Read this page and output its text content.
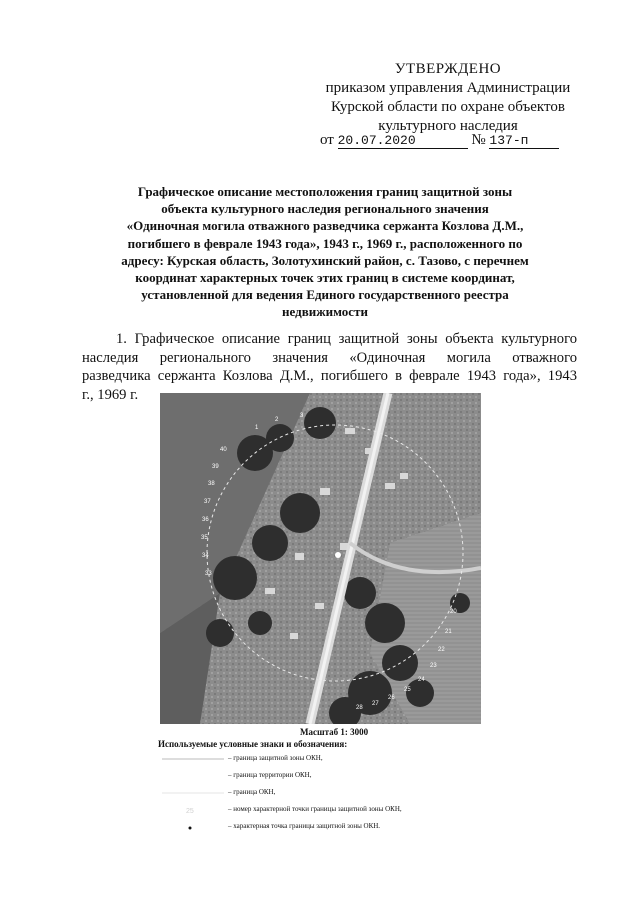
УТВЕРЖДЕНО
приказом управления Администрации
Курской области по охране объектов
культурного наследия
от 20.07.2020	№ 137-п
Графическое описание местоположения границ защитной зоны
объекта культурного наследия регионального значения
«Одиночная могила отважного разведчика сержанта Козлова Д.М.,
погибшего в феврале 1943 года», 1943 г., 1969 г., расположенного по
адресу: Курская область, Золотухинский район, с. Тазово, с перечнем
координат характерных точек этих границ в системе координат,
установленной для ведения Единого государственного реестра
недвижимости
1. Графическое описание границ защитной зоны объекта культурного
наследия регионального значения «Одиночная могила отважного
разведчика сержанта Козлова Д.М., погибшего в феврале 1943 года», 1943
г., 1969 г.
40
39
38
37
36
35
34
33
1
2
3
20
21
22
23
24
25
26
27
28
Масштаб 1: 3000
Используемые условные знаки и обозначения:
– граница защитной зоны ОКН,
– граница территории ОКН,
– граница ОКН,
25	– номер характерной точки границы защитной зоны ОКН,
– характерная точка границы защитной зоны ОКН.
